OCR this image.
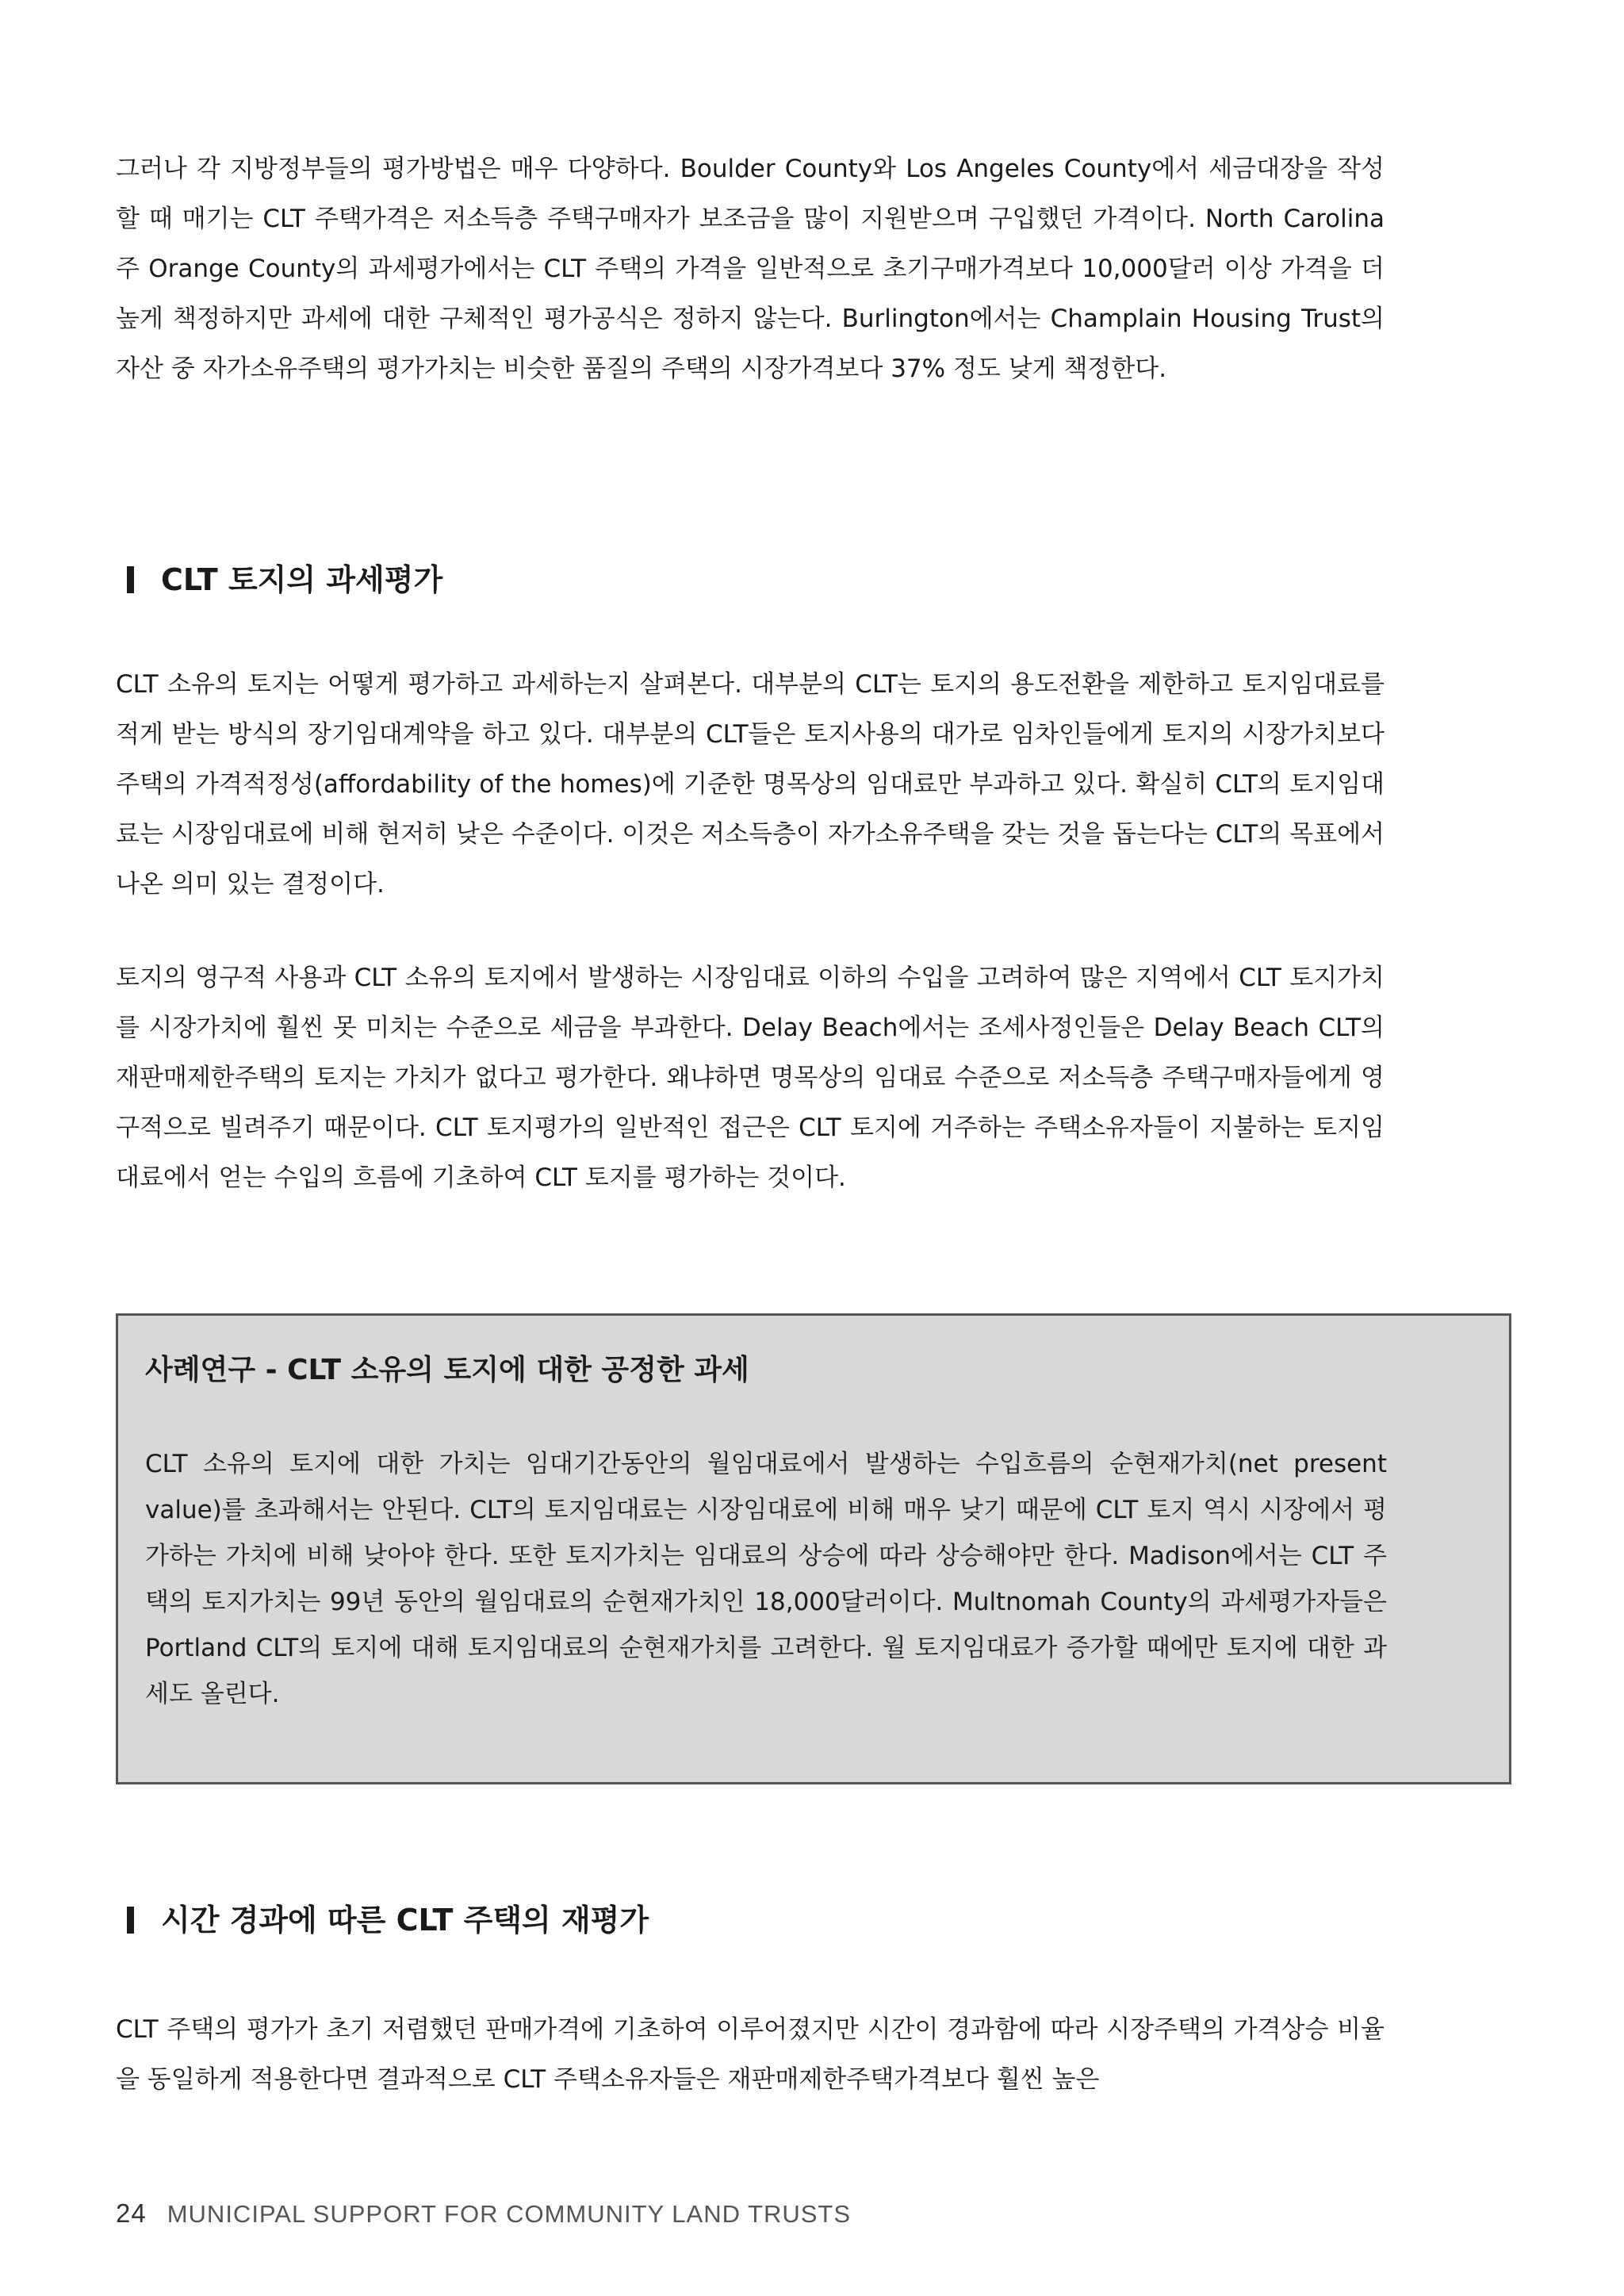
그러나 각 지방정부들의 평가방법은 매우 다양하다. Boulder County와 Los Angeles County에서 세금대장을 작성할 때 매기는 CLT 주택가격은 저소득층 주택구매자가 보조금을 많이 지원받으며 구입했던 가격이다. North Carolina주 Orange County의 과세평가에서는 CLT 주택의 가격을 일반적으로 초기구매가격보다 10,000달러 이상 가격을 더 높게 책정하지만 과세에 대한 구체적인 평가공식은 정하지 않는다. Burlington에서는 Champlain Housing Trust의 자산 중 자가소유주택의 평가가치는 비슷한 품질의 주택의 시장가격보다 37% 정도 낮게 책정한다.

CLT 토지의 과세평가

CLT 소유의 토지는 어떻게 평가하고 과세하는지 살펴본다. 대부분의 CLT는 토지의 용도전환을 제한하고 토지임대료를 적게 받는 방식의 장기임대계약을 하고 있다. 대부분의 CLT들은 토지사용의 대가로 임차인들에게 토지의 시장가치보다 주택의 가격적정성(affordability of the homes)에 기준한 명목상의 임대료만 부과하고 있다. 확실히 CLT의 토지임대료는 시장임대료에 비해 현저히 낮은 수준이다. 이것은 저소득층이 자가소유주택을 갖는 것을 돕는다는 CLT의 목표에서 나온 의미 있는 결정이다.

토지의 영구적 사용과 CLT 소유의 토지에서 발생하는 시장임대료 이하의 수입을 고려하여 많은 지역에서 CLT 토지가치를 시장가치에 훨씬 못 미치는 수준으로 세금을 부과한다. Delay Beach에서는 조세사정인들은 Delay Beach CLT의 재판매제한주택의 토지는 가치가 없다고 평가한다. 왜냐하면 명목상의 임대료 수준으로 저소득층 주택구매자들에게 영구적으로 빌려주기 때문이다. CLT 토지평가의 일반적인 접근은 CLT 토지에 거주하는 주택소유자들이 지불하는 토지임대료에서 얻는 수입의 흐름에 기초하여 CLT 토지를 평가하는 것이다.

사례연구 - CLT 소유의 토지에 대한 공정한 과세

CLT 소유의 토지에 대한 가치는 임대기간동안의 월임대료에서 발생하는 수입흐름의 순현재가치(net present value)를 초과해서는 안된다. CLT의 토지임대료는 시장임대료에 비해 매우 낮기 때문에 CLT 토지 역시 시장에서 평가하는 가치에 비해 낮아야 한다. 또한 토지가치는 임대료의 상승에 따라 상승해야만 한다. Madison에서는 CLT 주택의 토지가치는 99년 동안의 월임대료의 순현재가치인 18,000달러이다. Multnomah County의 과세평가자들은 Portland CLT의 토지에 대해 토지임대료의 순현재가치를 고려한다. 월 토지임대료가 증가할 때에만 토지에 대한 과세도 올린다.

시간 경과에 따른 CLT 주택의 재평가

CLT 주택의 평가가 초기 저렴했던 판매가격에 기초하여 이루어졌지만 시간이 경과함에 따라 시장주택의 가격상승 비율을 동일하게 적용한다면 결과적으로 CLT 주택소유자들은 재판매제한주택가격보다 훨씬 높은

24 MUNICIPAL SUPPORT FOR COMMUNITY LAND TRUSTS
